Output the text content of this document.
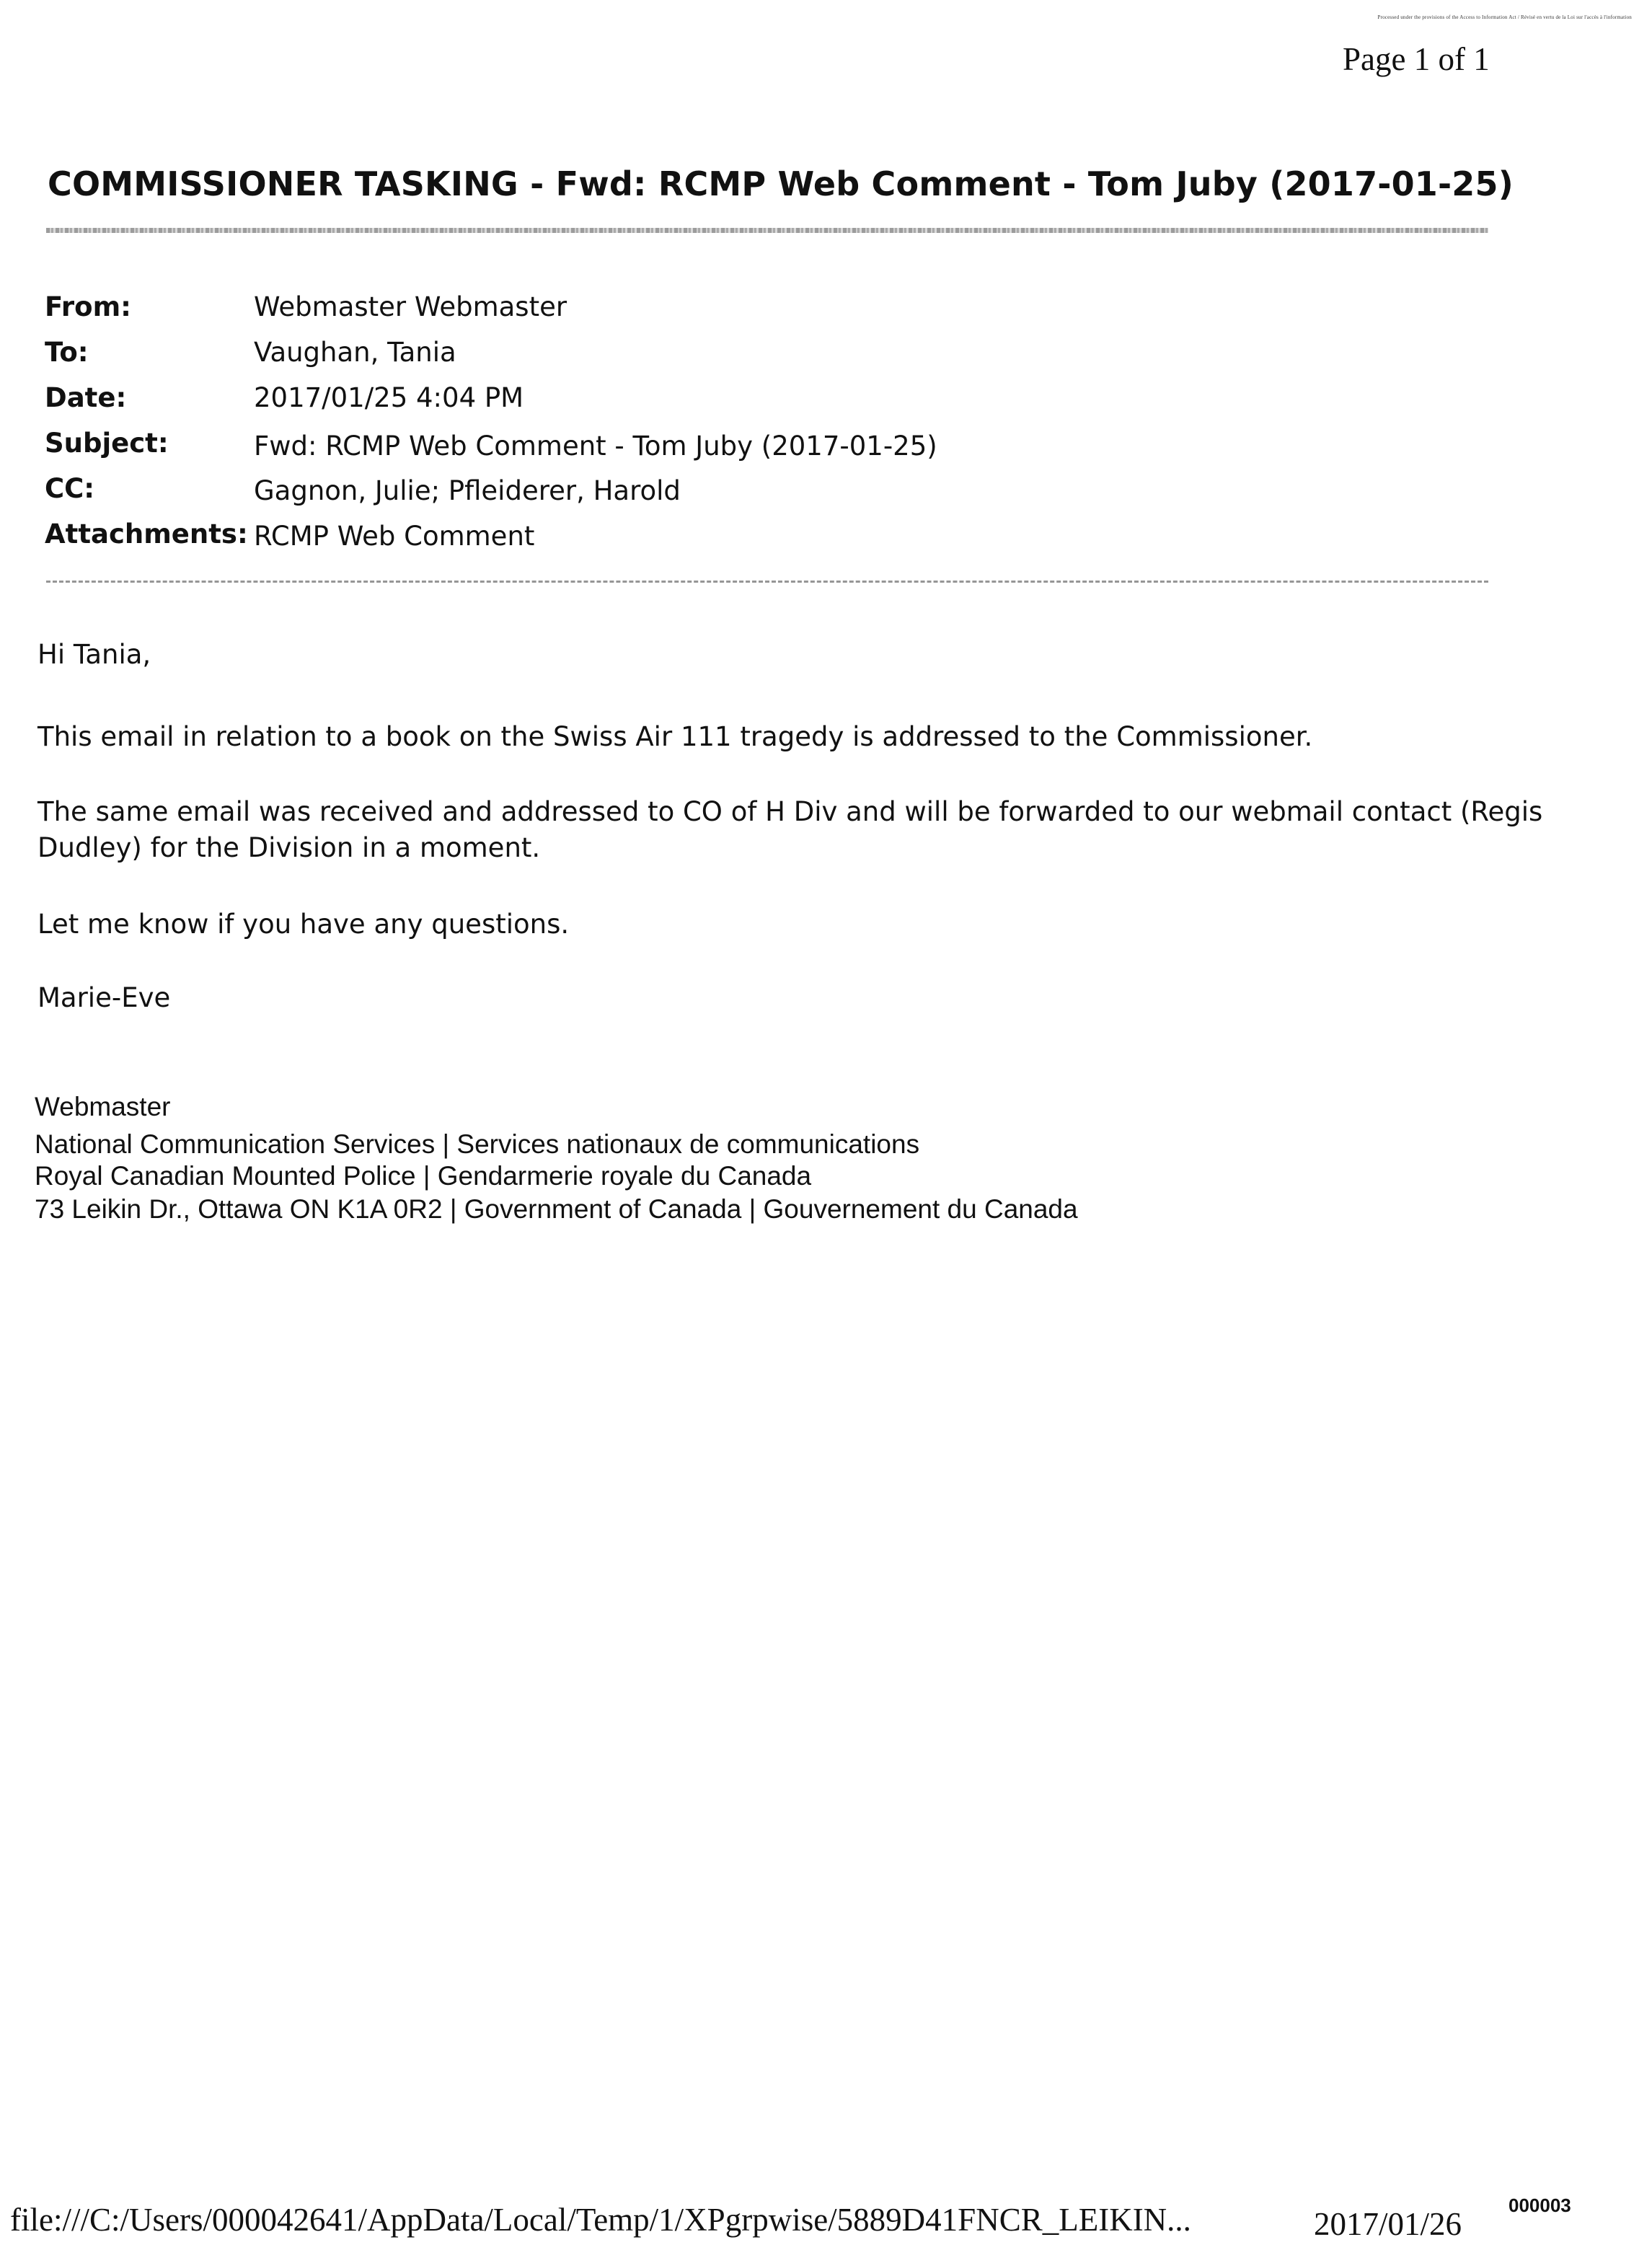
Processed under the provisions of the Access to Information Act / Révisé en vertu de la Loi sur l'accès à l'information
Page 1 of 1
COMMISSIONER TASKING - Fwd: RCMP Web Comment - Tom Juby (2017-01-25)
From:	Webmaster Webmaster
To:	Vaughan, Tania
Date:	2017/01/25 4:04 PM
Subject:	Fwd: RCMP Web Comment - Tom Juby (2017-01-25)
CC:	Gagnon, Julie; Pfleiderer, Harold
Attachments: RCMP Web Comment
Hi Tania,
This email in relation to a book on the Swiss Air 111 tragedy is addressed to the Commissioner.
The same email was received and addressed to CO of H Div and will be forwarded to our webmail contact (Regis
Dudley) for the Division in a moment.
Let me know if you have any questions.
Marie-Eve
Webmaster
National Communication Services | Services nationaux de communications
Royal Canadian Mounted Police | Gendarmerie royale du Canada
73 Leikin Dr., Ottawa ON K1A 0R2 | Government of Canada | Gouvernement du Canada
file:///C:/Users/000042641/AppData/Local/Temp/1/XPgrpwise/5889D41FNCR_LEIKIN...	2017/01/26
000003
